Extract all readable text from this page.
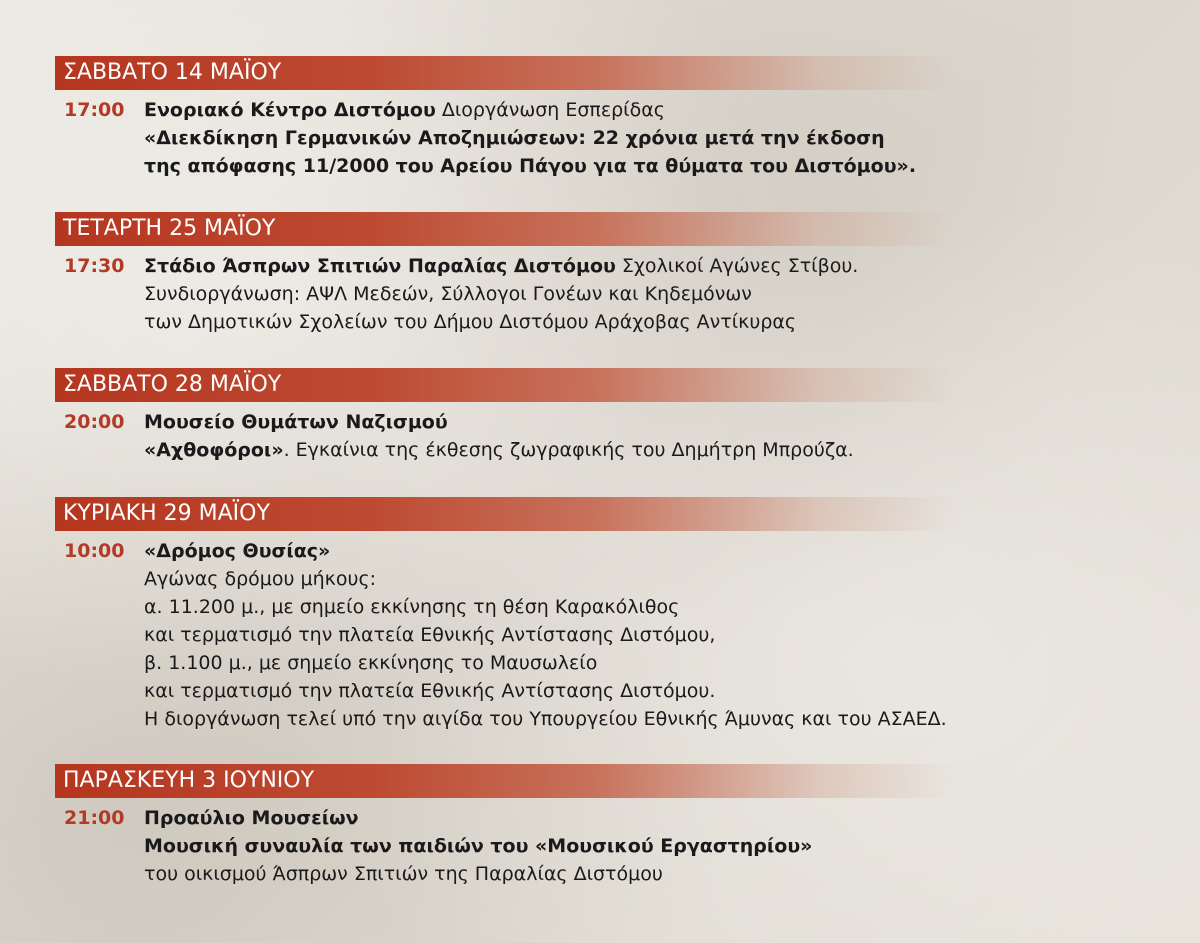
ΣΑΒΒΑΤΟ 14 ΜΑΪΟΥ
17:00 Ενοριακό Κέντρο Διστόμου Διοργάνωση Εσπερίδας
«Διεκδίκηση Γερμανικών Αποζημιώσεων: 22 χρόνια μετά την έκδοση
της απόφασης 11/2000 του Αρείου Πάγου για τα θύματα του Διστόμου».
ΤΕΤΑΡΤΗ 25 ΜΑΪΟΥ
17:30 Στάδιο Άσπρων Σπιτιών Παραλίας Διστόμου Σχολικοί Αγώνες Στίβου.
Συνδιοργάνωση: ΑΨΛ Μεδεών, Σύλλογοι Γονέων και Κηδεμόνων
των Δημοτικών Σχολείων του Δήμου Διστόμου Αράχοβας Αντίκυρας
ΣΑΒΒΑΤΟ 28 ΜΑΪΟΥ
20:00 Μουσείο Θυμάτων Ναζισμού
«Αχθοφόροι». Εγκαίνια της έκθεσης ζωγραφικής του Δημήτρη Μπρούζα.
ΚΥΡΙΑΚΗ 29 ΜΑΪΟΥ
10:00 «Δρόμος Θυσίας»
Αγώνας δρόμου μήκους:
α. 11.200 μ., με σημείο εκκίνησης τη θέση Καρακόλιθος
και τερματισμό την πλατεία Εθνικής Αντίστασης Διστόμου,
β. 1.100 μ., με σημείο εκκίνησης το Μαυσωλείο
και τερματισμό την πλατεία Εθνικής Αντίστασης Διστόμου.
Η διοργάνωση τελεί υπό την αιγίδα του Υπουργείου Εθνικής Άμυνας και του ΑΣΑΕΔ.
ΠΑΡΑΣΚΕΥΗ 3 ΙΟΥΝΙΟΥ
21:00 Προαύλιο Μουσείων
Μουσική συναυλία των παιδιών του «Μουσικού Εργαστηρίου»
του οικισμού Άσπρων Σπιτιών της Παραλίας Διστόμου
